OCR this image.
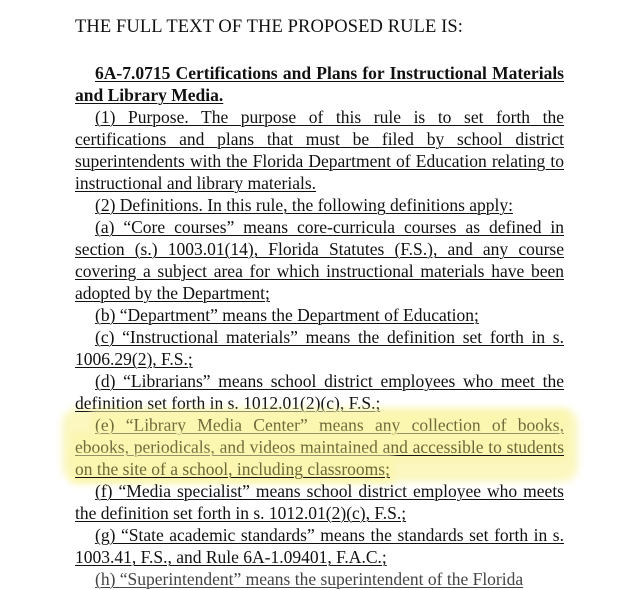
THE FULL TEXT OF THE PROPOSED RULE IS:

6A-7.0715 Certifications and Plans for Instructional Materials and Library Media.

(1) Purpose. The purpose of this rule is to set forth the certifications and plans that must be filed by school district superintendents with the Florida Department of Education relating to instructional and library materials.

(2) Definitions. In this rule, the following definitions apply:

(a) “Core courses” means core-curricula courses as defined in section (s.) 1003.01(14), Florida Statutes (F.S.), and any course covering a subject area for which instructional materials have been adopted by the Department;

(b) “Department” means the Department of Education;

(c) “Instructional materials” means the definition set forth in s. 1006.29(2), F.S.;

(d) “Librarians” means school district employees who meet the definition set forth in s. 1012.01(2)(c), F.S.;

(e) “Library Media Center” means any collection of books, ebooks, periodicals, and videos maintained and accessible to students on the site of a school, including classrooms;

(f) “Media specialist” means school district employee who meets the definition set forth in s. 1012.01(2)(c), F.S.;

(g) “State academic standards” means the standards set forth in s. 1003.41, F.S., and Rule 6A-1.09401, F.A.C.;

(h) “Superintendent” means the superintendent of the Florida
